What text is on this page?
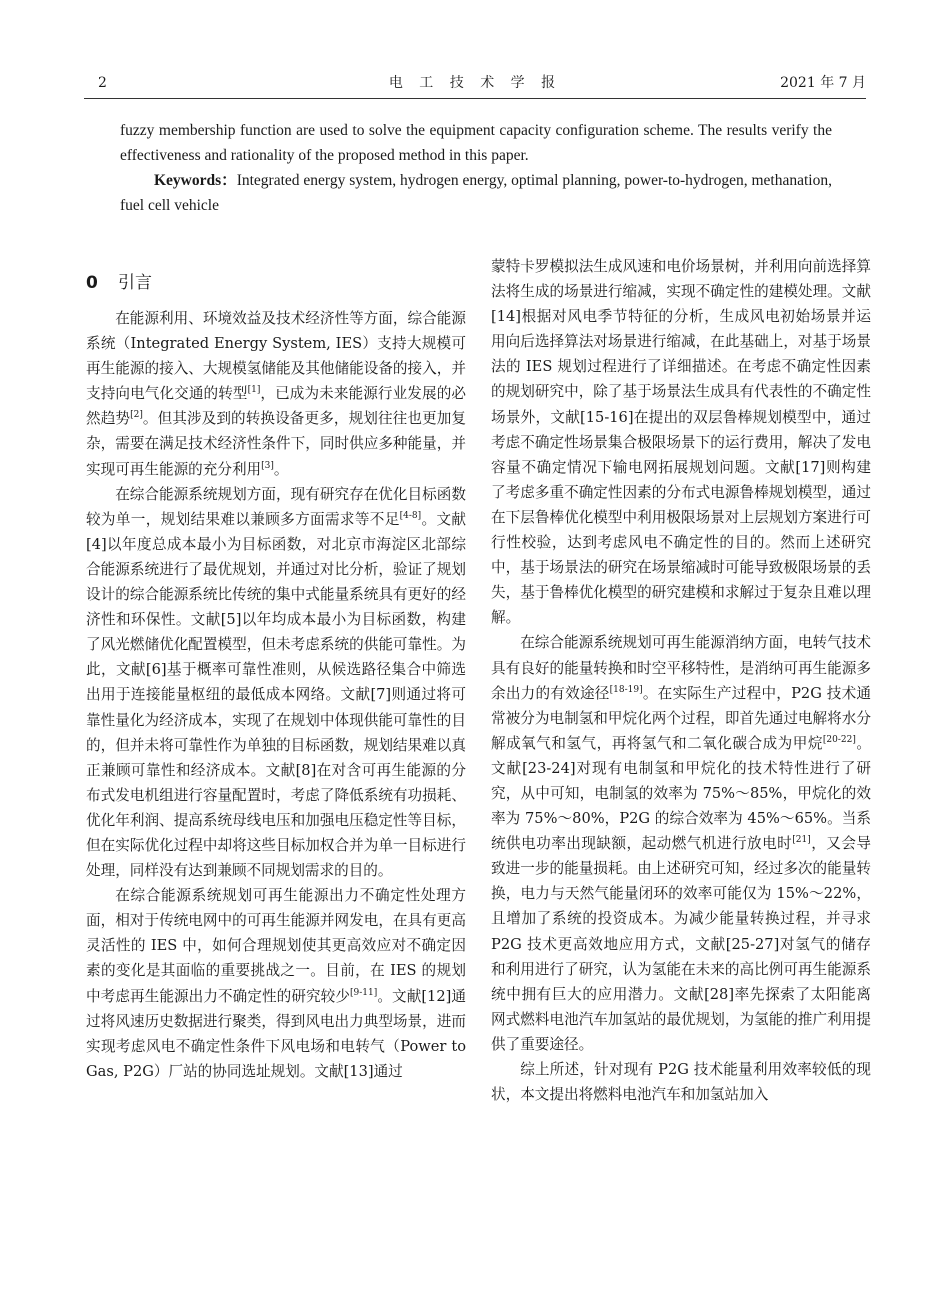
2	电 工 技 术 学 报	2021 年 7 月

fuzzy membership function are used to solve the equipment capacity configuration scheme. The results verify the effectiveness and rationality of the proposed method in this paper.

Keywords：Integrated energy system, hydrogen energy, optimal planning, power-to-hydrogen, methanation, fuel cell vehicle

0 引言

在能源利用、环境效益及技术经济性等方面，综合能源系统（Integrated Energy System, IES）支持大规模可再生能源的接入、大规模氢储能及其他储能设备的接入，并支持向电气化交通的转型[1]，已成为未来能源行业发展的必然趋势[2]。但其涉及到的转换设备更多，规划往往也更加复杂，需要在满足技术经济性条件下，同时供应多种能量，并实现可再生能源的充分利用[3]。

在综合能源系统规划方面，现有研究存在优化目标函数较为单一，规划结果难以兼顾多方面需求等不足[4-8]。文献[4]以年度总成本最小为目标函数，对北京市海淀区北部综合能源系统进行了最优规划，并通过对比分析，验证了规划设计的综合能源系统比传统的集中式能量系统具有更好的经济性和环保性。文献[5]以年均成本最小为目标函数，构建了风光燃储优化配置模型，但未考虑系统的供能可靠性。为此，文献[6]基于概率可靠性准则，从候选路径集合中筛选出用于连接能量枢纽的最低成本网络。文献[7]则通过将可靠性量化为经济成本，实现了在规划中体现供能可靠性的目的，但并未将可靠性作为单独的目标函数，规划结果难以真正兼顾可靠性和经济成本。文献[8]在对含可再生能源的分布式发电机组进行容量配置时，考虑了降低系统有功损耗、优化年利润、提高系统母线电压和加强电压稳定性等目标，但在实际优化过程中却将这些目标加权合并为单一目标进行处理，同样没有达到兼顾不同规划需求的目的。

在综合能源系统规划可再生能源出力不确定性处理方面，相对于传统电网中的可再生能源并网发电，在具有更高灵活性的 IES 中，如何合理规划使其更高效应对不确定因素的变化是其面临的重要挑战之一。目前，在 IES 的规划中考虑再生能源出力不确定性的研究较少[9-11]。文献[12]通过将风速历史数据进行聚类，得到风电出力典型场景，进而实现考虑风电不确定性条件下风电场和电转气（Power to Gas, P2G）厂站的协同选址规划。文献[13]通过

蒙特卡罗模拟法生成风速和电价场景树，并利用向前选择算法将生成的场景进行缩减，实现不确定性的建模处理。文献[14]根据对风电季节特征的分析，生成风电初始场景并运用向后选择算法对场景进行缩减，在此基础上，对基于场景法的 IES 规划过程进行了详细描述。在考虑不确定性因素的规划研究中，除了基于场景法生成具有代表性的不确定性场景外，文献[15-16]在提出的双层鲁棒规划模型中，通过考虑不确定性场景集合极限场景下的运行费用，解决了发电容量不确定情况下输电网拓展规划问题。文献[17]则构建了考虑多重不确定性因素的分布式电源鲁棒规划模型，通过在下层鲁棒优化模型中利用极限场景对上层规划方案进行可行性校验，达到考虑风电不确定性的目的。然而上述研究中，基于场景法的研究在场景缩减时可能导致极限场景的丢失，基于鲁棒优化模型的研究建模和求解过于复杂且难以理解。

在综合能源系统规划可再生能源消纳方面，电转气技术具有良好的能量转换和时空平移特性，是消纳可再生能源多余出力的有效途径[18-19]。在实际生产过程中，P2G 技术通常被分为电制氢和甲烷化两个过程，即首先通过电解将水分解成氧气和氢气，再将氢气和二氧化碳合成为甲烷[20-22]。文献[23-24]对现有电制氢和甲烷化的技术特性进行了研究，从中可知，电制氢的效率为 75%～85%，甲烷化的效率为 75%～80%，P2G 的综合效率为 45%～65%。当系统供电功率出现缺额，起动燃气机进行放电时[21]，又会导致进一步的能量损耗。由上述研究可知，经过多次的能量转换，电力与天然气能量闭环的效率可能仅为 15%～22%，且增加了系统的投资成本。为减少能量转换过程，并寻求 P2G 技术更高效地应用方式，文献[25-27]对氢气的储存和利用进行了研究，认为氢能在未来的高比例可再生能源系统中拥有巨大的应用潜力。文献[28]率先探索了太阳能离网式燃料电池汽车加氢站的最优规划，为氢能的推广利用提供了重要途径。

综上所述，针对现有 P2G 技术能量利用效率较低的现状，本文提出将燃料电池汽车和加氢站加入
